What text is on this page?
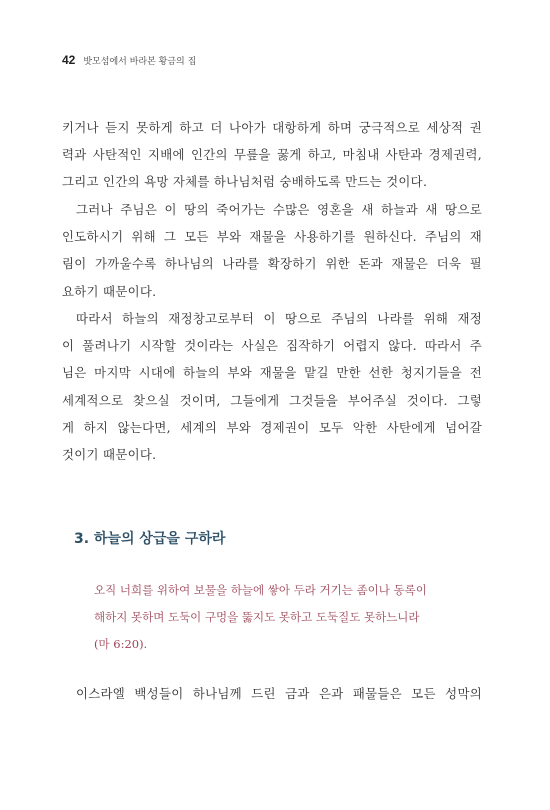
42 밧모섬에서 바라본 황금의 집
키거나 듣지 못하게 하고 더 나아가 대항하게 하며 궁극적으로 세상적 권
력과 사탄적인 지배에 인간의 무릎을 꿇게 하고, 마침내 사탄과 경제권력,
그리고 인간의 욕망 자체를 하나님처럼 숭배하도록 만드는 것이다.
그러나 주님은 이 땅의 죽어가는 수많은 영혼을 새 하늘과 새 땅으로
인도하시기 위해 그 모든 부와 재물을 사용하기를 원하신다. 주님의 재
림이 가까울수록 하나님의 나라를 확장하기 위한 돈과 재물은 더욱 필
요하기 때문이다.
따라서 하늘의 재정창고로부터 이 땅으로 주님의 나라를 위해 재정
이 풀려나기 시작할 것이라는 사실은 짐작하기 어렵지 않다. 따라서 주
님은 마지막 시대에 하늘의 부와 재물을 맡길 만한 선한 청지기들을 전
세계적으로 찾으실 것이며, 그들에게 그것들을 부어주실 것이다. 그렇
게 하지 않는다면, 세계의 부와 경제권이 모두 악한 사탄에게 넘어갈
것이기 때문이다.
3. 하늘의 상급을 구하라
오직 너희를 위하여 보물을 하늘에 쌓아 두라 거기는 좀이나 동록이
해하지 못하며 도둑이 구멍을 뚫지도 못하고 도둑질도 못하느니라
(마 6:20).
이스라엘 백성들이 하나님께 드린 금과 은과 패물들은 모든 성막의
